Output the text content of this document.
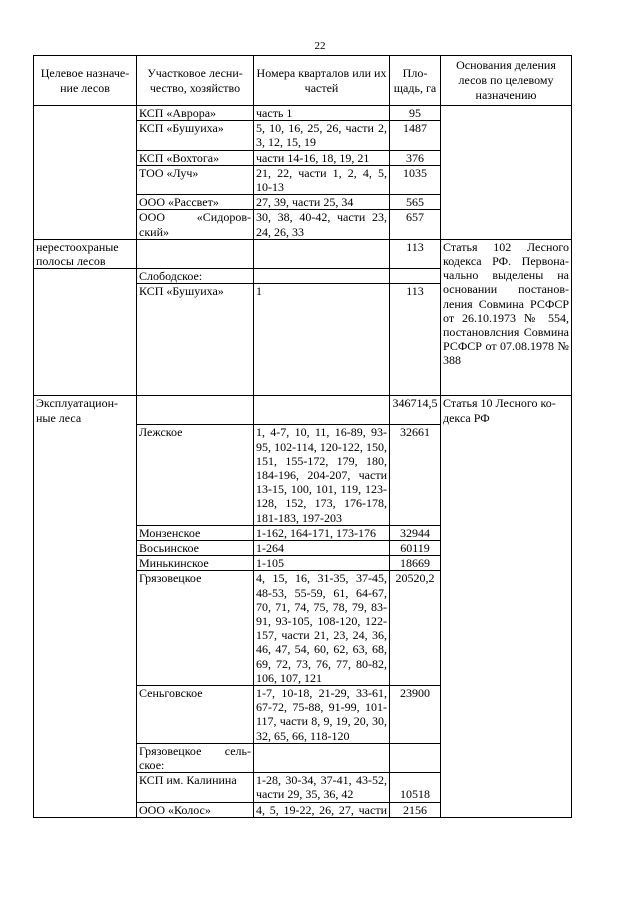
22
Целевое назначе-ние лесов	Участковое лесни-чество, хозяйство	Номера кварталов или их частей	Пло-щадь, га	Основания деления лесов по целевому назначению
	КСП «Аврора»	часть 1	95	
	КСП «Бушуиха»	5, 10, 16, 25, 26, части 2, 3, 12, 15, 19	1487	
	КСП «Вохтога»	части 14-16, 18, 19, 21	376	
	ТОО «Луч»	21, 22, части 1, 2, 4, 5, 10-13	1035	
	ООО «Рассвет»	27, 39, части 25, 34	565	
	ООО «Сидоров-ский»	30, 38, 40-42, части 23, 24, 26, 33	657	
нерестоохраные полосы лесов			113	Статья 102 Лесного кодекса РФ. Первона-чально выделены на основании постанов-ления Совмина РСФСР от 26.10.1973 № 554, постановлсния Совмина РСФСР от 07.08.1978 № 388
	Слободское:			
	КСП «Бушуиха»	1	113	
Эксплуатацион-ные леса			346714,5	Статья 10 Лесного ко-декса РФ
	Лежское	1, 4-7, 10, 11, 16-89, 93-95, 102-114, 120-122, 150, 151, 155-172, 179, 180, 184-196, 204-207, части 13-15, 100, 101, 119, 123-128, 152, 173, 176-178, 181-183, 197-203	32661	
	Монзенское	1-162, 164-171, 173-176	32944	
	Восьинское	1-264	60119	
	Минькинское	1-105	18669	
	Грязовецкое	4, 15, 16, 31-35, 37-45, 48-53, 55-59, 61, 64-67, 70, 71, 74, 75, 78, 79, 83-91, 93-105, 108-120, 122-157, части 21, 23, 24, 36, 46, 47, 54, 60, 62, 63, 68, 69, 72, 73, 76, 77, 80-82, 106, 107, 121	20520,2	
	Сеньговское	1-7, 10-18, 21-29, 33-61, 67-72, 75-88, 91-99, 101-117, части 8, 9, 19, 20, 30, 32, 65, 66, 118-120	23900	
	Грязовецкое сель-ское:			
	КСП им. Калинина	1-28, 30-34, 37-41, 43-52, части 29, 35, 36, 42	10518	
	ООО «Колос»	4, 5, 19-22, 26, 27, части	2156	
